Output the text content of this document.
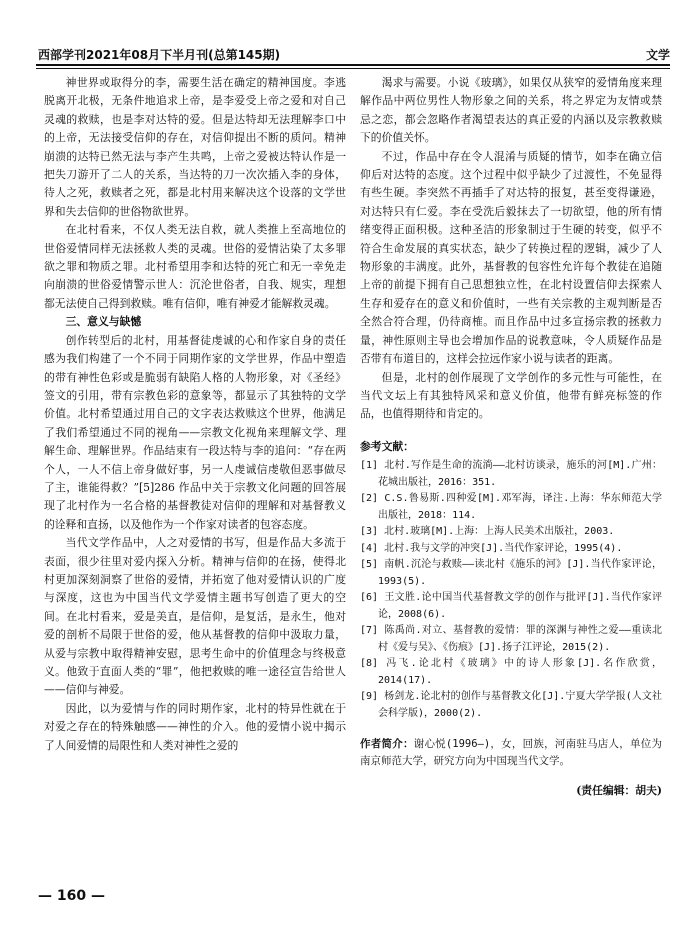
西部学刊2021年08月下半月刊(总第145期)	文学

神世界或取得分的李，需要生活在确定的精神国度。李逃脱离开北极，无条件地追求上帝，是李爱受上帝之爱和对自己灵魂的救赎，也是李对达特的爱。但是达特却无法理解李口中的上帝，无法接受信仰的存在，对信仰提出不断的质问。精神崩溃的达特已然无法与李产生共鸣，上帝之爱被达特认作是一把失刀游开了二人的关系，当达特的刀一次次插入李的身体，待人之死，救赎者之死，都是北村用来解决这个设落的文学世界和失去信仰的世俗物欲世界。

在北村看来，不仅人类无法自救，就人类推上至高地位的世俗爱情同样无法拯救人类的灵魂。世俗的爱情沾染了太多罪欲之罪和物质之罪。北村希望用李和达特的死亡和无一幸免走向崩溃的世俗爱情警示世人：沉沦世俗者，自我、规实，理想都无法使自己得到救赎。唯有信仰，唯有神爱才能解救灵魂。

三、意义与缺憾

创作转型后的北村，用基督徒虔诚的心和作家自身的责任感为我们构建了一个不同于同期作家的文学世界，作品中塑造的带有神性色彩或是脆弱有缺陷人格的人物形象，对《圣经》签文的引用，带有宗教色彩的意象等，都显示了其独特的文学价值。北村希望通过用自己的文字表达救赎这个世界，他满足了我们希望通过不同的视角——宗教文化视角来理解文学、理解生命、理解世界。作品结束有一段达特与李的追问：“存在两个人，一人不信上帝身做好事，另一人虔诚信虔敬但恶事做尽了主，谁能得救？”[5]286 作品中关于宗教文化问题的回答展现了北村作为一名合格的基督教徒对信仰的理解和对基督教义的诠释和直扬，以及他作为一个作家对读者的包容态度。

当代文学作品中，人之对爱情的书写，但是作品大多流于表面，很少往里对爱内探入分析。精神与信仰的在扬，使得北村更加深刻洞察了世俗的爱情，并拓宽了他对爱情认识的广度与深度，这也为中国当代文学爱情主题书写创造了更大的空间。在北村看来，爱是美直，是信仰，是复活，是永生，他对爱的剖析不局限于世俗的爱，他从基督教的信仰中汲取力量，从爱与宗教中取得精神安慰，思考生命中的价值理念与终极意义。他致于直面人类的“罪”，他把救赎的唯一途径宣告给世人——信仰与神爱。

因此，以为爱情与作的同时期作家，北村的特异性就在于对爱之存在的特殊触感——神性的介入。他的爱情小说中揭示了人间爱情的局限性和人类对神性之爱的

渴求与需要。小说《玻璃》，如果仅从狭窄的爱情角度来理解作品中两位男性人物形象之间的关系，将之界定为友情或禁忌之恋，都会忽略作者渴望表达的真正爱的内涵以及宗教救赎下的价值关怀。

不过，作品中存在令人混淆与质疑的情节，如李在确立信仰后对达特的态度。这个过程中似乎缺少了过渡性，不免显得有些生硬。李突然不再插手了对达特的报复，甚至变得谦逊，对达特只有仁爱。李在受洗后毅抹去了一切欲望，他的所有情绪变得正面积极。这种圣洁的形象制过于生硬的转变，似乎不符合生命发展的真实状态，缺少了转换过程的逻辑，减少了人物形象的丰满度。此外，基督教的包容性允许每个教徒在追随上帝的前提下拥有自己思想独立性，在北村设置信仰去探索人生存和爱存在的意义和价值时，一些有关宗教的主观判断是否全然合符合理，仍待商榷。而且作品中过多宣扬宗教的拯救力量，神性原则主导也会增加作品的说教意味，令人质疑作品是否带有布道目的，这样会拉远作家小说与读者的距离。

但是，北村的创作展现了文学创作的多元性与可能性，在当代文坛上有其独特风采和意义价值，他带有鲜亮标签的作品，也值得期待和肯定的。

参考文献：
[1] 北村.写作是生命的流淌——北村访谈录，施乐的河[M].广州：花城出版社，2016：351.
[2] C.S.鲁易斯.四种爱[M].邓军海，译注.上海：华东师范大学出版社，2018：114.
[3] 北村.玻璃[M].上海：上海人民美术出版社，2003.
[4] 北村.我与文学的冲突[J].当代作家评论，1995(4).
[5] 南帆.沉沦与救赎——读北村《施乐的河》[J].当代作家评论，1993(5).
[6] 王文胜.论中国当代基督教文学的创作与批评[J].当代作家评论，2008(6).
[7] 陈禹尚.对立、基督教的爱情：罪的深渊与神性之爱——重读北村《爱与吴》、《伤痕》[J].扬子江评论，2015(2).
[8] 冯飞.论北村《玻璃》中的诗人形象[J].名作欣赏，2014(17).
[9] 杨剑龙.论北村的创作与基督教文化[J].宁夏大学学报(人文社会科学版)，2000(2).
作者简介：谢心悦(1996—)，女，回族，河南驻马店人，单位为南京师范大学，研究方向为中国现当代文学。
(责任编辑：胡夫)
— 160 —
